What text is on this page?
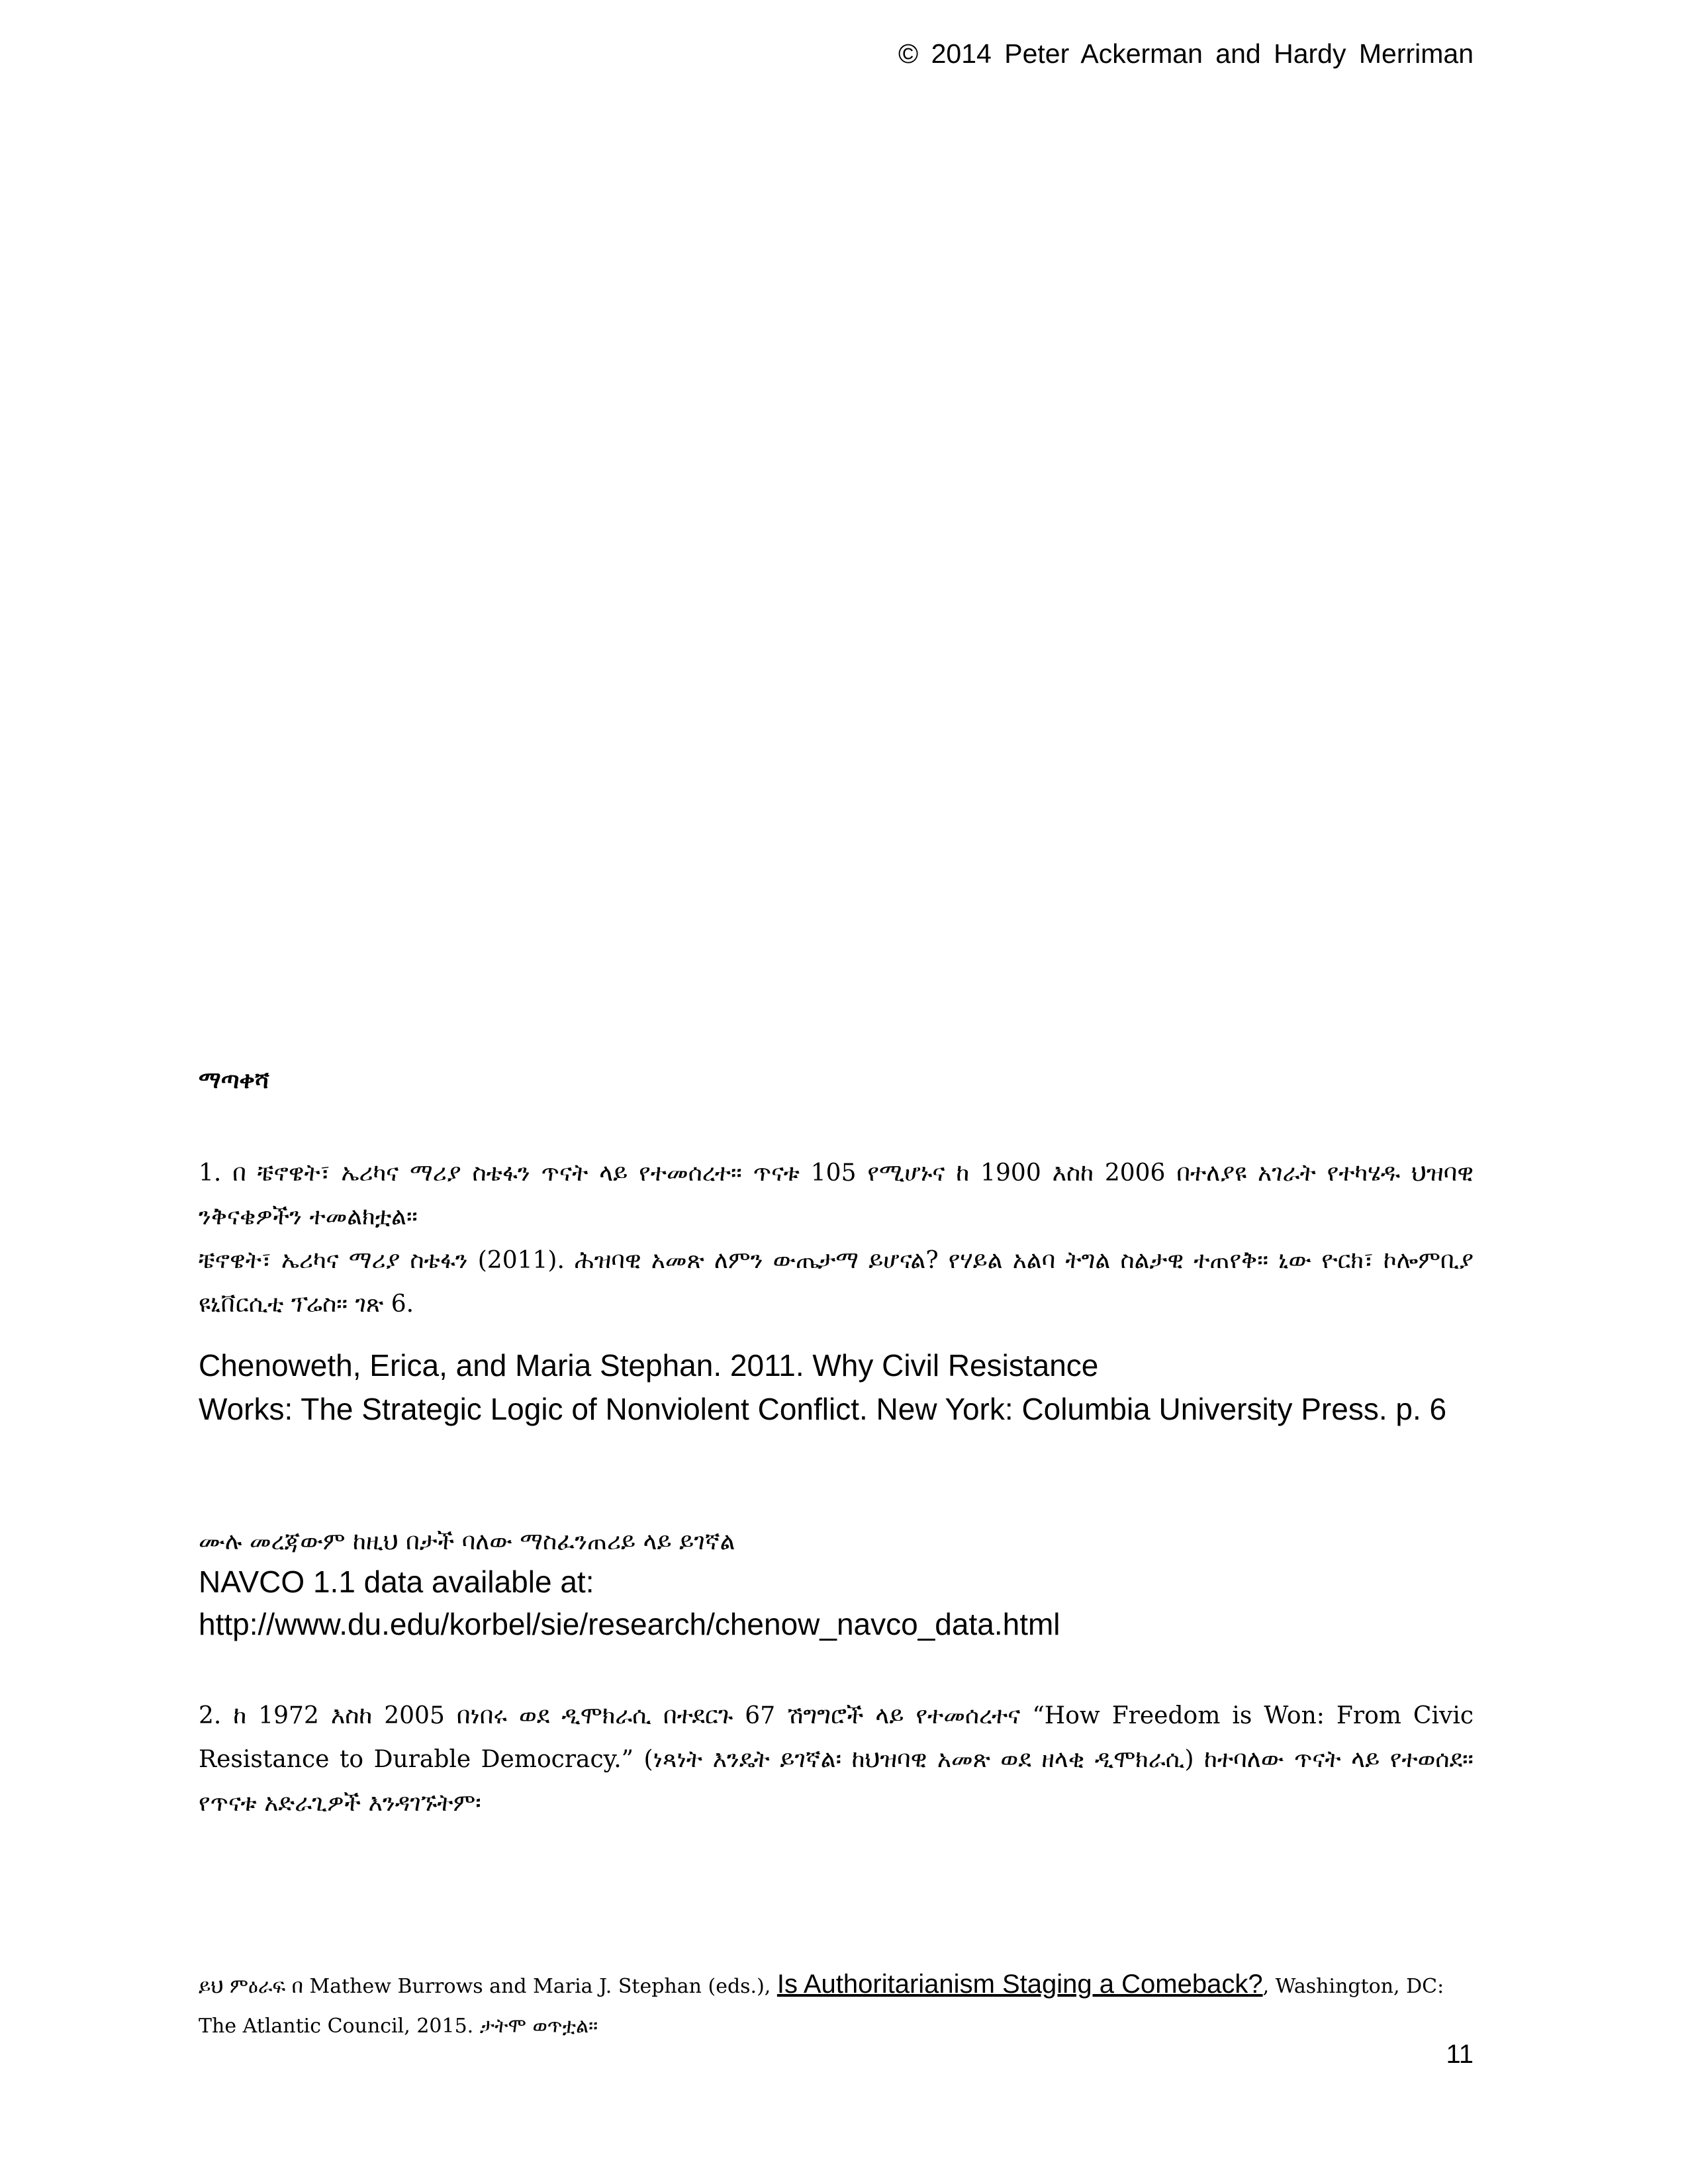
© 2014 Peter Ackerman and Hardy Merriman
ማጣቀሻ

1. በ ቼኖዌት፣ ኤሪካና ማሪያ ስቴፋን ጥናት ላይ የተመሰረተ። ጥናቱ 105 የሚሆኑና ከ 1900 እስከ 2006 በተለያዩ አገራት የተካሄዱ ህዝባዊ ንቅናቄዎችን ተመልክቷል።

ቼኖዌት፣ ኤሪካና ማሪያ ስቴፋን (2011). ሕዝባዊ አመጽ ለምን ውጤታማ ይሆናል? የሃይል አልባ ትግል ስልታዊ ተጠየቅ። ኒው ዮርክ፣ ኮሎምቢያ ዩኒቨርሲቲ ፕሬስ። ገጽ 6.

Chenoweth, Erica, and Maria Stephan. 2011. Why Civil Resistance

Works: The Strategic Logic of Nonviolent Conflict. New York: Columbia University Press. p. 6

ሙሉ መረጃውም ከዚህ በታች ባለው ማስፈንጠሪይ ላይ ይገኛል

NAVCO 1.1 data available at:

http://www.du.edu/korbel/sie/research/chenow_navco_data.html

2. ከ 1972 እስከ 2005 በነበሩ ወደ ዲሞክራሲ በተደርጉ 67 ሽግግሮች ላይ የተመሰረተና “How Freedom is Won: From Civic Resistance to Durable Democracy.” (ነጻነት እንዴት ይገኛል፡ ከህዝባዊ አመጽ ወደ ዘላቂ ዲሞክራሲ) ከተባለው ጥናት ላይ የተወሰደ። የጥናቱ አድራጊዎች እንዳገኙትም፡
ይህ ምዕራፍ በ Mathew Burrows and Maria J. Stephan (eds.), Is Authoritarianism Staging a Comeback?, Washington, DC: The Atlantic Council, 2015. ታትሞ ወጥቷል።
11
